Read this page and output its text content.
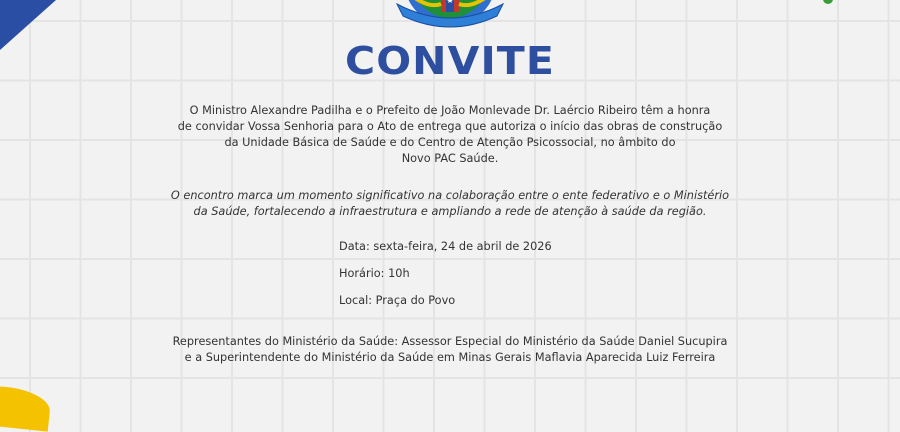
☆
CONVITE
O Ministro Alexandre Padilha e o Prefeito de João Monlevade Dr. Laércio Ribeiro têm a honra
de convidar Vossa Senhoria para o Ato de entrega que autoriza o início das obras de construção
da Unidade Básica de Saúde e do Centro de Atenção Psicossocial, no âmbito do
Novo PAC Saúde.
O encontro marca um momento significativo na colaboração entre o ente federativo e o Ministério
da Saúde, fortalecendo a infraestrutura e ampliando a rede de atenção à saúde da região.
Data: sexta-feira, 24 de abril de 2026
Horário: 10h
Local: Praça do Povo
Representantes do Ministério da Saúde: Assessor Especial do Ministério da Saúde Daniel Sucupira
e a Superintendente do Ministério da Saúde em Minas Gerais Maflavia Aparecida Luiz Ferreira
